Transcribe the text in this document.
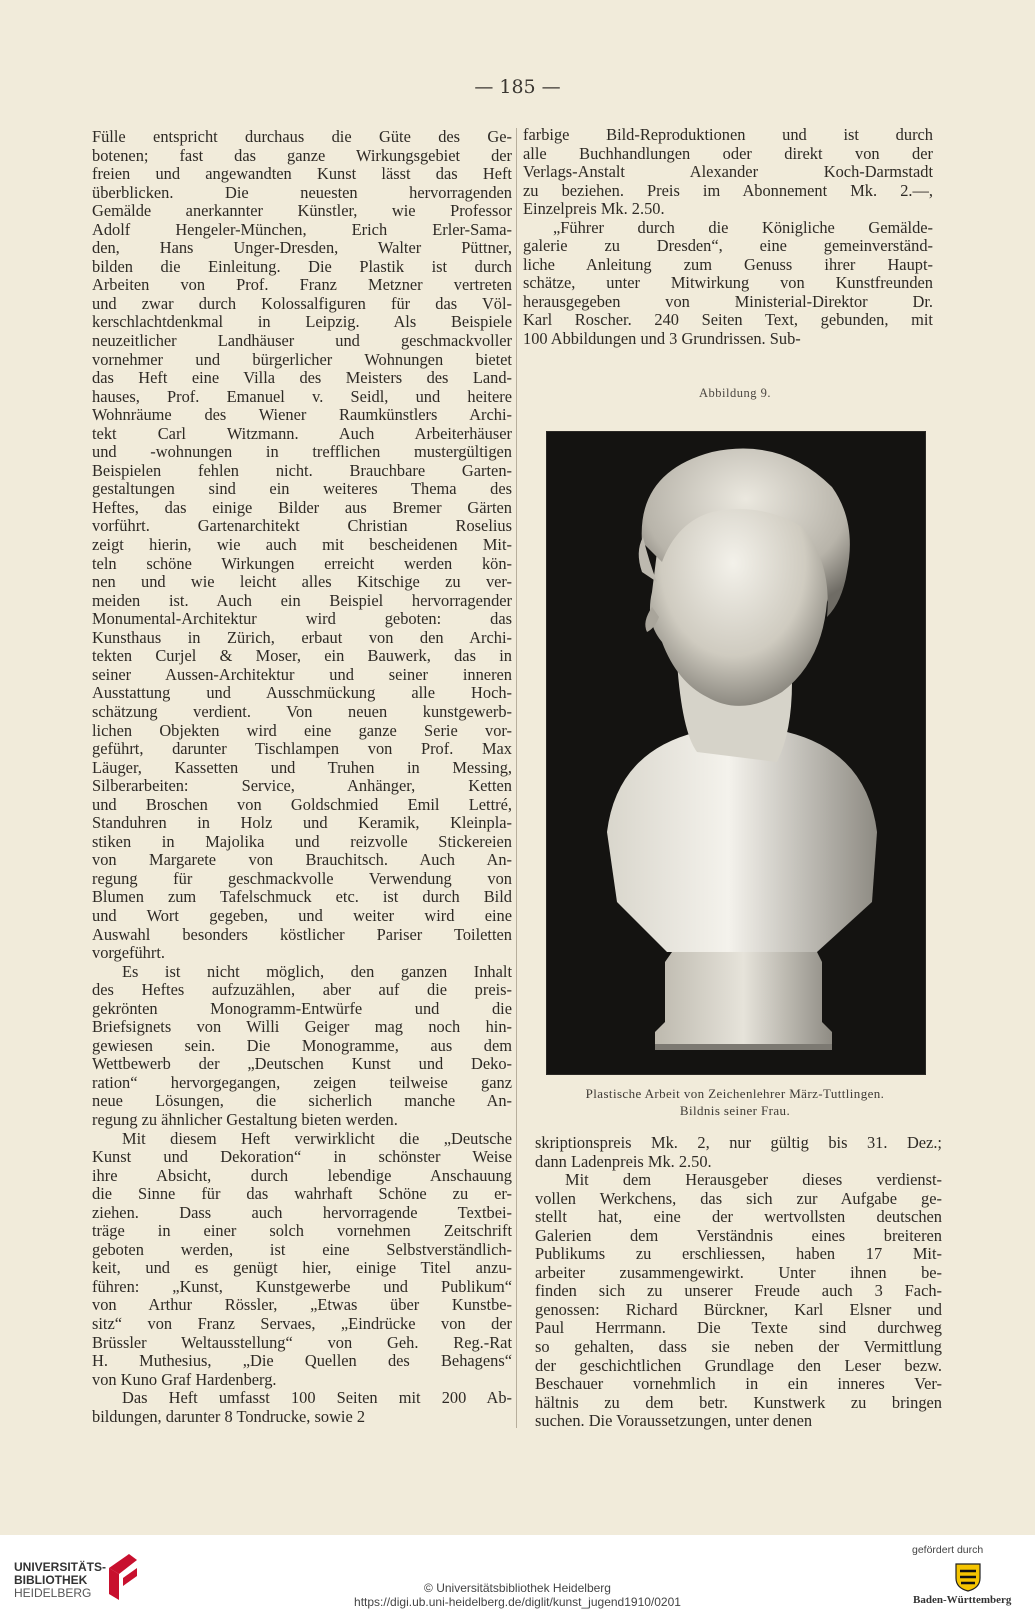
— 185 —
Fülle entspricht durchaus die Güte des Ge-
botenen; fast das ganze Wirkungsgebiet der
freien und angewandten Kunst lässt das Heft
überblicken. Die neuesten hervorragenden
Gemälde anerkannter Künstler, wie Professor
Adolf Hengeler-München, Erich Erler-Sama-
den, Hans Unger-Dresden, Walter Püttner,
bilden die Einleitung. Die Plastik ist durch
Arbeiten von Prof. Franz Metzner vertreten
und zwar durch Kolossalfiguren für das Völ-
kerschlachtdenkmal in Leipzig. Als Beispiele
neuzeitlicher Landhäuser und geschmackvoller
vornehmer und bürgerlicher Wohnungen bietet
das Heft eine Villa des Meisters des Land-
hauses, Prof. Emanuel v. Seidl, und heitere
Wohnräume des Wiener Raumkünstlers Archi-
tekt Carl Witzmann. Auch Arbeiterhäuser
und -wohnungen in trefflichen mustergültigen
Beispielen fehlen nicht. Brauchbare Garten-
gestaltungen sind ein weiteres Thema des
Heftes, das einige Bilder aus Bremer Gärten
vorführt. Gartenarchitekt Christian Roselius
zeigt hierin, wie auch mit bescheidenen Mit-
teln schöne Wirkungen erreicht werden kön-
nen und wie leicht alles Kitschige zu ver-
meiden ist. Auch ein Beispiel hervorragender
Monumental-Architektur wird geboten: das
Kunsthaus in Zürich, erbaut von den Archi-
tekten Curjel & Moser, ein Bauwerk, das in
seiner Aussen-Architektur und seiner inneren
Ausstattung und Ausschmückung alle Hoch-
schätzung verdient. Von neuen kunstgewerb-
lichen Objekten wird eine ganze Serie vor-
geführt, darunter Tischlampen von Prof. Max
Läuger, Kassetten und Truhen in Messing,
Silberarbeiten: Service, Anhänger, Ketten
und Broschen von Goldschmied Emil Lettré,
Standuhren in Holz und Keramik, Kleinpla-
stiken in Majolika und reizvolle Stickereien
von Margarete von Brauchitsch. Auch An-
regung für geschmackvolle Verwendung von
Blumen zum Tafelschmuck etc. ist durch Bild
und Wort gegeben, und weiter wird eine
Auswahl besonders köstlicher Pariser Toiletten
vorgeführt.
Es ist nicht möglich, den ganzen Inhalt
des Heftes aufzuzählen, aber auf die preis-
gekrönten Monogramm-Entwürfe und die
Briefsignets von Willi Geiger mag noch hin-
gewiesen sein. Die Monogramme, aus dem
Wettbewerb der „Deutschen Kunst und Deko-
ration“ hervorgegangen, zeigen teilweise ganz
neue Lösungen, die sicherlich manche An-
regung zu ähnlicher Gestaltung bieten werden.
Mit diesem Heft verwirklicht die „Deutsche
Kunst und Dekoration“ in schönster Weise
ihre Absicht, durch lebendige Anschauung
die Sinne für das wahrhaft Schöne zu er-
ziehen. Dass auch hervorragende Textbei-
träge in einer solch vornehmen Zeitschrift
geboten werden, ist eine Selbstverständlich-
keit, und es genügt hier, einige Titel anzu-
führen: „Kunst, Kunstgewerbe und Publikum“
von Arthur Rössler, „Etwas über Kunstbe-
sitz“ von Franz Servaes, „Eindrücke von der
Brüssler Weltausstellung“ von Geh. Reg.-Rat
H. Muthesius, „Die Quellen des Behagens“
von Kuno Graf Hardenberg.
Das Heft umfasst 100 Seiten mit 200 Ab-
bildungen, darunter 8 Tondrucke, sowie 2
farbige Bild-Reproduktionen und ist durch
alle Buchhandlungen oder direkt von der
Verlags-Anstalt Alexander Koch-Darmstadt
zu beziehen. Preis im Abonnement Mk. 2.—,
Einzelpreis Mk. 2.50.
„Führer durch die Königliche Gemälde-
galerie zu Dresden“, eine gemeinverständ-
liche Anleitung zum Genuss ihrer Haupt-
schätze, unter Mitwirkung von Kunstfreunden
herausgegeben von Ministerial-Direktor Dr.
Karl Roscher. 240 Seiten Text, gebunden, mit
100 Abbildungen und 3 Grundrissen. Sub-
Abbildung 9.
Plastische Arbeit von Zeichenlehrer März-Tuttlingen.
Bildnis seiner Frau.
skriptionspreis Mk. 2, nur gültig bis 31. Dez.;
dann Ladenpreis Mk. 2.50.
Mit dem Herausgeber dieses verdienst-
vollen Werkchens, das sich zur Aufgabe ge-
stellt hat, eine der wertvollsten deutschen
Galerien dem Verständnis eines breiteren
Publikums zu erschliessen, haben 17 Mit-
arbeiter zusammengewirkt. Unter ihnen be-
finden sich zu unserer Freude auch 3 Fach-
genossen: Richard Bürckner, Karl Elsner und
Paul Herrmann. Die Texte sind durchweg
so gehalten, dass sie neben der Vermittlung
der geschichtlichen Grundlage den Leser bezw.
Beschauer vornehmlich in ein inneres Ver-
hältnis zu dem betr. Kunstwerk zu bringen
suchen. Die Voraussetzungen, unter denen
UNIVERSITÄTS-
BIBLIOTHEK
HEIDELBERG	© Universitätsbibliothek Heidelberg
https://digi.ub.uni-heidelberg.de/diglit/kunst_jugend1910/0201
gefördert durch
Baden-Württemberg
